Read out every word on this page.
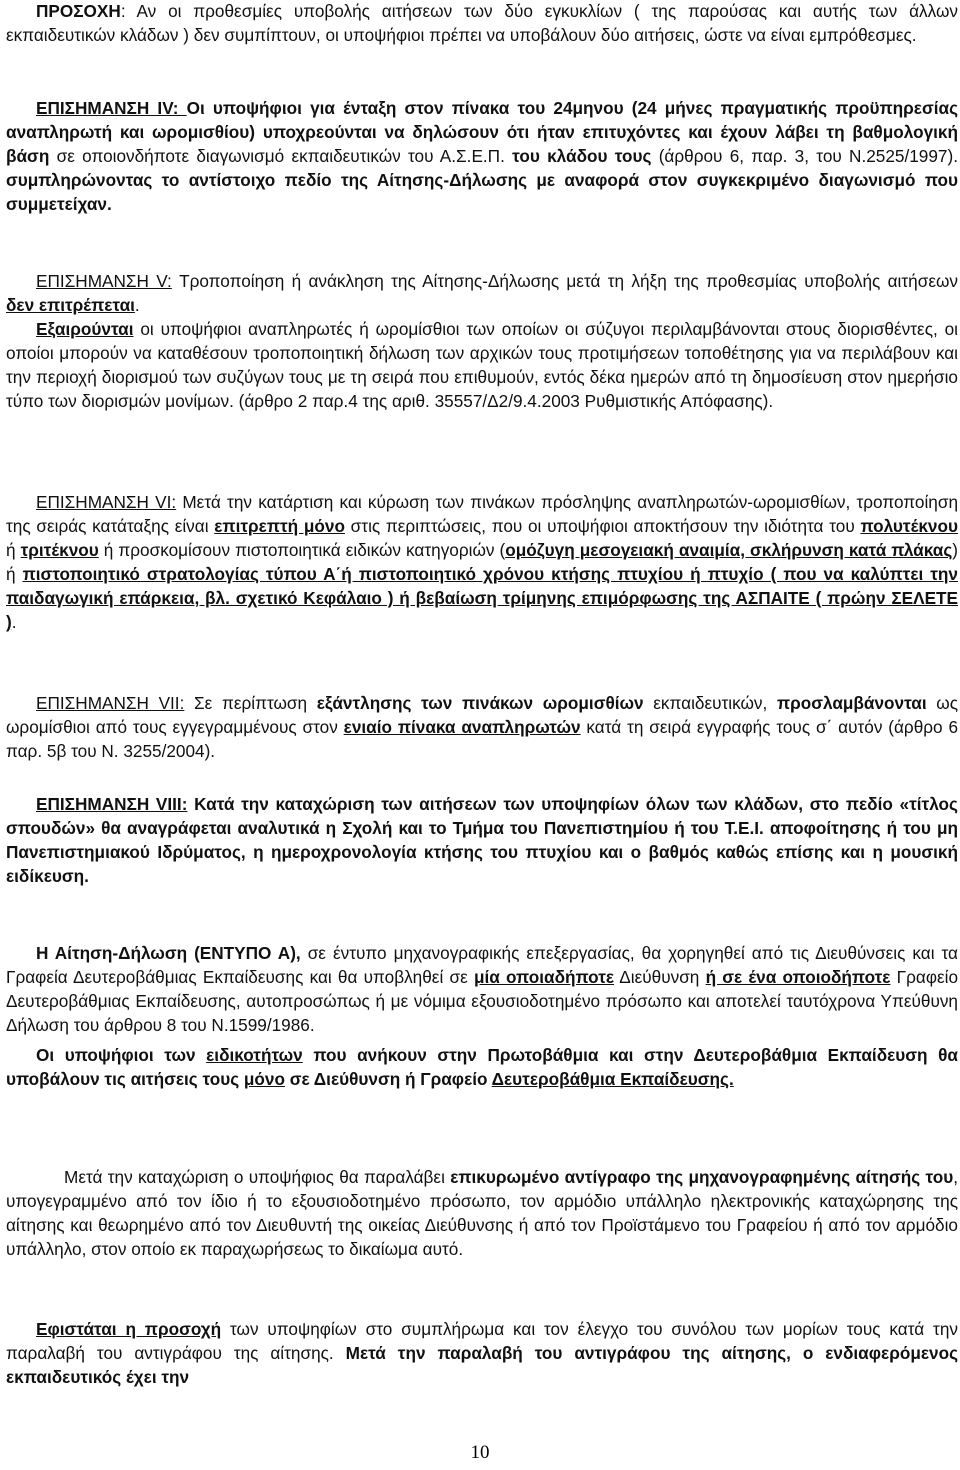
ΠΡΟΣΟΧΗ: Αν οι προθεσμίες υποβολής αιτήσεων των δύο εγκυκλίων ( της παρούσας και αυτής των άλλων εκπαιδευτικών κλάδων ) δεν συμπίπτουν, οι υποψήφιοι πρέπει να υποβάλουν δύο αιτήσεις, ώστε να είναι εμπρόθεσμες.

ΕΠΙΣΗΜΑΝΣΗ IV: Οι υποψήφιοι για ένταξη στον πίνακα του 24μηνου (24 μήνες πραγματικής προϋπηρεσίας αναπληρωτή και ωρομισθίου) υποχρεούνται να δηλώσουν ότι ήταν επιτυχόντες και έχουν λάβει τη βαθμολογική βάση σε οποιονδήποτε διαγωνισμό εκπαιδευτικών του Α.Σ.Ε.Π. του κλάδου τους (άρθρου 6, παρ. 3, του Ν.2525/1997). συμπληρώνοντας το αντίστοιχο πεδίο της Αίτησης-Δήλωσης με αναφορά στον συγκεκριμένο διαγωνισμό που συμμετείχαν.

ΕΠΙΣΗΜΑΝΣΗ V: Τροποποίηση ή ανάκληση της Αίτησης-Δήλωσης μετά τη λήξη της προθεσμίας υποβολής αιτήσεων δεν επιτρέπεται.

Εξαιρούνται οι υποψήφιοι αναπληρωτές ή ωρομίσθιοι των οποίων οι σύζυγοι περιλαμβάνονται στους διορισθέντες, οι οποίοι μπορούν να καταθέσουν τροποποιητική δήλωση των αρχικών τους προτιμήσεων τοποθέτησης για να περιλάβουν και την περιοχή διορισμού των συζύγων τους με τη σειρά που επιθυμούν, εντός δέκα ημερών από τη δημοσίευση στον ημερήσιο τύπο των διορισμών μονίμων. (άρθρο 2 παρ.4 της αριθ. 35557/Δ2/9.4.2003 Ρυθμιστικής Απόφασης).

ΕΠΙΣΗΜΑΝΣΗ VI: Μετά την κατάρτιση και κύρωση των πινάκων πρόσληψης αναπληρωτών-ωρομισθίων, τροποποίηση της σειράς κατάταξης είναι επιτρεπτή μόνο στις περιπτώσεις, που οι υποψήφιοι αποκτήσουν την ιδιότητα του πολυτέκνου ή τριτέκνου ή προσκομίσουν πιστοποιητικά ειδικών κατηγοριών (ομόζυγη μεσογειακή αναιμία, σκλήρυνση κατά πλάκας) ή πιστοποιητικό στρατολογίας τύπου Α΄ή πιστοποιητικό χρόνου κτήσης πτυχίου ή πτυχίο ( που να καλύπτει την παιδαγωγική επάρκεια, βλ. σχετικό Κεφάλαιο ) ή βεβαίωση τρίμηνης επιμόρφωσης της ΑΣΠΑΙΤΕ ( πρώην ΣΕΛΕΤΕ ).

ΕΠΙΣΗΜΑΝΣΗ VII: Σε περίπτωση εξάντλησης των πινάκων ωρομισθίων εκπαιδευτικών, προσλαμβάνονται ως ωρομίσθιοι από τους εγγεγραμμένους στον ενιαίο πίνακα αναπληρωτών κατά τη σειρά εγγραφής τους σ΄ αυτόν (άρθρο 6 παρ. 5β του Ν. 3255/2004).

ΕΠΙΣΗΜΑΝΣΗ VIII: Κατά την καταχώριση των αιτήσεων των υποψηφίων όλων των κλάδων, στο πεδίο «τίτλος σπουδών» θα αναγράφεται αναλυτικά η Σχολή και το Τμήμα του Πανεπιστημίου ή του Τ.Ε.Ι. αποφοίτησης ή του μη Πανεπιστημιακού Ιδρύματος, η ημεροχρονολογία κτήσης του πτυχίου και ο βαθμός καθώς επίσης και η μουσική ειδίκευση.

Η Αίτηση-Δήλωση (ΕΝΤΥΠΟ Α), σε έντυπο μηχανογραφικής επεξεργασίας, θα χορηγηθεί από τις Διευθύνσεις και τα Γραφεία Δευτεροβάθμιας Εκπαίδευσης και θα υποβληθεί σε μία οποιαδήποτε Διεύθυνση ή σε ένα οποιοδήποτε Γραφείο Δευτεροβάθμιας Εκπαίδευσης, αυτοπροσώπως ή με νόμιμα εξουσιοδοτημένο πρόσωπο και αποτελεί ταυτόχρονα Υπεύθυνη Δήλωση του άρθρου 8 του Ν.1599/1986.

Οι υποψήφιοι των ειδικοτήτων που ανήκουν στην Πρωτοβάθμια και στην Δευτεροβάθμια Εκπαίδευση θα υποβάλουν τις αιτήσεις τους μόνο σε Διεύθυνση ή Γραφείο Δευτεροβάθμια Εκπαίδευσης.

Μετά την καταχώριση ο υποψήφιος θα παραλάβει επικυρωμένο αντίγραφο της μηχανογραφημένης αίτησής του, υπογεγραμμένο από τον ίδιο ή το εξουσιοδοτημένο πρόσωπο, τον αρμόδιο υπάλληλο ηλεκτρονικής καταχώρησης της αίτησης και θεωρημένο από τον Διευθυντή της οικείας Διεύθυνσης ή από τον Προϊστάμενο του Γραφείου ή από τον αρμόδιο υπάλληλο, στον οποίο εκ παραχωρήσεως το δικαίωμα αυτό.

Εφιστάται η προσοχή των υποψηφίων στο συμπλήρωμα και τον έλεγχο του συνόλου των μορίων τους κατά την παραλαβή του αντιγράφου της αίτησης. Μετά την παραλαβή του αντιγράφου της αίτησης, ο ενδιαφερόμενος εκπαιδευτικός έχει την

10
